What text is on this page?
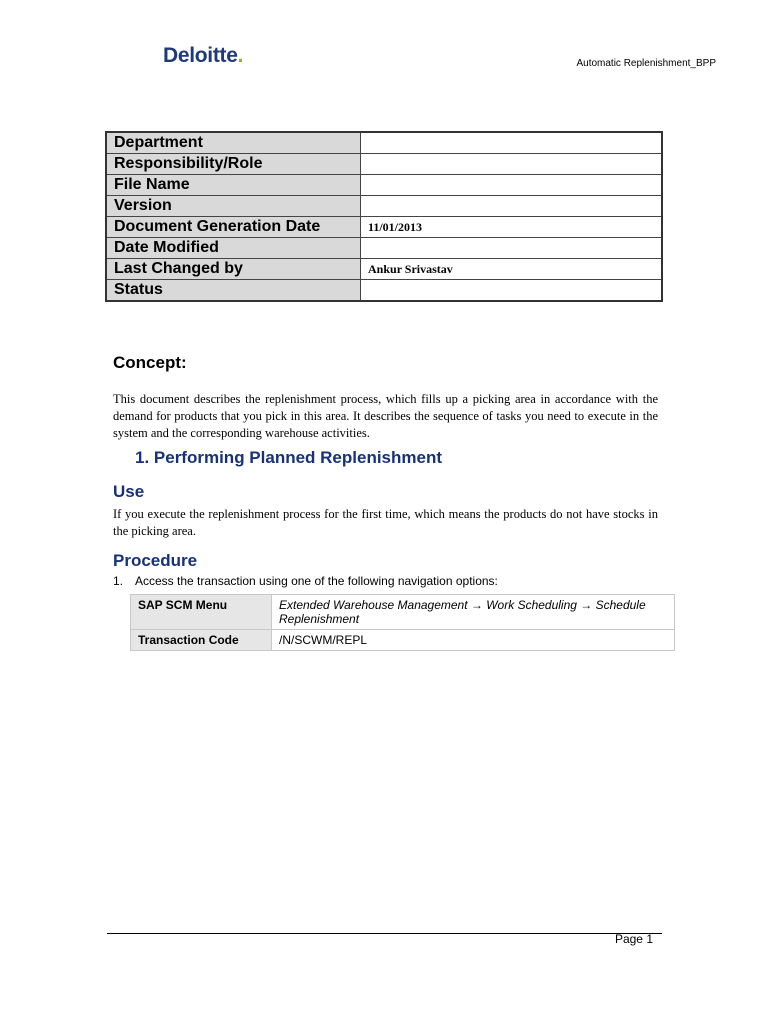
Deloitte.	Automatic Replenishment_BPP
Department	
Responsibility/Role	
File Name	
Version	
Document Generation Date	11/01/2013
Date Modified	
Last Changed by	Ankur Srivastav
Status	
Concept:
This document describes the replenishment process, which fills up a picking area in accordance with the demand for products that you pick in this area. It describes the sequence of tasks you need to execute in the system and the corresponding warehouse activities.
1. Performing Planned Replenishment
Use
If you execute the replenishment process for the first time, which means the products do not have stocks in the picking area.
Procedure
1. Access the transaction using one of the following navigation options:
SAP SCM Menu	Extended Warehouse Management → Work Scheduling → Schedule Replenishment
Transaction Code	/N/SCWM/REPL
Page 1
